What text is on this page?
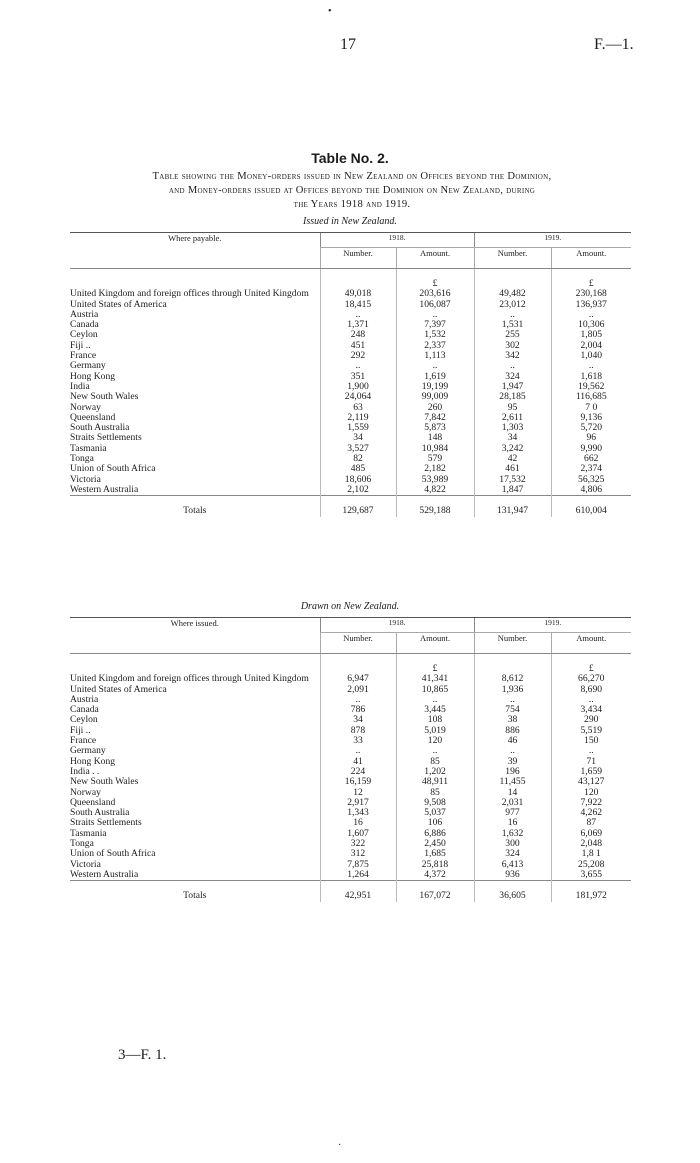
•
17	F.—1.
Table No. 2.
Table showing the Money-orders issued in New Zealand on Offices beyond the Dominion,
and Money-orders issued at Offices beyond the Dominion on New Zealand, during
the Years 1918 and 1919.
Issued in New Zealand.
Where payable.	1918.		1919.	
	Number.	Amount.	Number.	Amount.
		£		£
United Kingdom and foreign offices through United Kingdom	49,018	203,616	49,482	230,168
United States of America	18,415	106,087	23,012	136,937
Austria	..	..	..	..
Canada	1,371	7,397	1,531	10,306
Ceylon	248	1,532	255	1,805
Fiji ..	451	2,337	302	2,004
France	292	1,113	342	1,040
Germany	..	..	..	..
Hong Kong	351	1,619	324	1,618
India	1,900	19,199	1,947	19,562
New South Wales	24,064	99,009	28,185	116,685
Norway	63	260	95	7 0
Queensland	2,119	7,842	2,611	9,136
South Australia	1,559	5,873	1,303	5,720
Straits Settlements	34	148	34	96
Tasmania	3,527	10,984	3,242	9,990
Tonga	82	579	42	662
Union of South Africa	485	2,182	461	2,374
Victoria	18,606	53,989	17,532	56,325
Western Australia	2,102	4,822	1,847	4,806
Totals	129,687	529,188	131,947	610,004
Drawn on New Zealand.
Where issued.	1918.		1919.	
	Number.	Amount.	Number.	Amount.
		£		£
United Kingdom and foreign offices through United Kingdom	6,947	41,341	8,612	66,270
United States of America	2,091	10,865	1,936	8,690
Austria	..	..	..	..
Canada	786	3,445	754	3,434
Ceylon	34	108	38	290
Fiji ..	878	5,019	886	5,519
France	33	120	46	150
Germany	..	..	..	..
Hong Kong	41	85	39	71
India . .	224	1,202	196	1,659
New South Wales	16,159	48,911	11,455	43,127
Norway	12	85	14	120
Queensland	2,917	9,508	2,031	7,922
South Australia	1,343	5,037	977	4,262
Straits Settlements	16	106	16	87
Tasmania	1,607	6,886	1,632	6,069
Tonga	322	2,450	300	2,048
Union of South Africa	312	1,685	324	1,8 1
Victoria	7,875	25,818	6,413	25,208
Western Australia	1,264	4,372	936	3,655
Totals	42,951	167,072	36,605	181,972
3—F. 1.
·
